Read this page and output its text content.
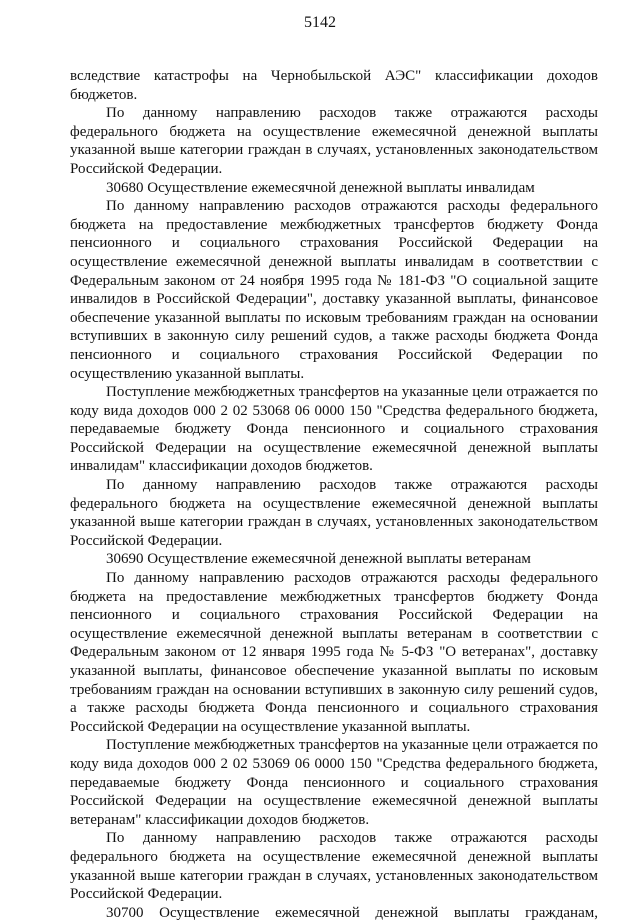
5142

вследствие катастрофы на Чернобыльской АЭС" классификации доходов бюджетов.

По данному направлению расходов также отражаются расходы федерального бюджета на осуществление ежемесячной денежной выплаты указанной выше категории граждан в случаях, установленных законодательством Российской Федерации.

30680 Осуществление ежемесячной денежной выплаты инвалидам

По данному направлению расходов отражаются расходы федерального бюджета на предоставление межбюджетных трансфертов бюджету Фонда пенсионного и социального страхования Российской Федерации на осуществление ежемесячной денежной выплаты инвалидам в соответствии с Федеральным законом от 24 ноября 1995 года № 181-ФЗ "О социальной защите инвалидов в Российской Федерации", доставку указанной выплаты, финансовое обеспечение указанной выплаты по исковым требованиям граждан на основании вступивших в законную силу решений судов, а также расходы бюджета Фонда пенсионного и социального страхования Российской Федерации по осуществлению указанной выплаты.

Поступление межбюджетных трансфертов на указанные цели отражается по коду вида доходов 000 2 02 53068 06 0000 150 "Средства федерального бюджета, передаваемые бюджету Фонда пенсионного и социального страхования Российской Федерации на осуществление ежемесячной денежной выплаты инвалидам" классификации доходов бюджетов.

По данному направлению расходов также отражаются расходы федерального бюджета на осуществление ежемесячной денежной выплаты указанной выше категории граждан в случаях, установленных законодательством Российской Федерации.

30690 Осуществление ежемесячной денежной выплаты ветеранам

По данному направлению расходов отражаются расходы федерального бюджета на предоставление межбюджетных трансфертов бюджету Фонда пенсионного и социального страхования Российской Федерации на осуществление ежемесячной денежной выплаты ветеранам в соответствии с Федеральным законом от 12 января 1995 года № 5-ФЗ "О ветеранах", доставку указанной выплаты, финансовое обеспечение указанной выплаты по исковым требованиям граждан на основании вступивших в законную силу решений судов, а также расходы бюджета Фонда пенсионного и социального страхования Российской Федерации на осуществление указанной выплаты.

Поступление межбюджетных трансфертов на указанные цели отражается по коду вида доходов 000 2 02 53069 06 0000 150 "Средства федерального бюджета, передаваемые бюджету Фонда пенсионного и социального страхования Российской Федерации на осуществление ежемесячной денежной выплаты ветеранам" классификации доходов бюджетов.

По данному направлению расходов также отражаются расходы федерального бюджета на осуществление ежемесячной денежной выплаты указанной выше категории граждан в случаях, установленных законодательством Российской Федерации.

30700 Осуществление ежемесячной денежной выплаты гражданам,
